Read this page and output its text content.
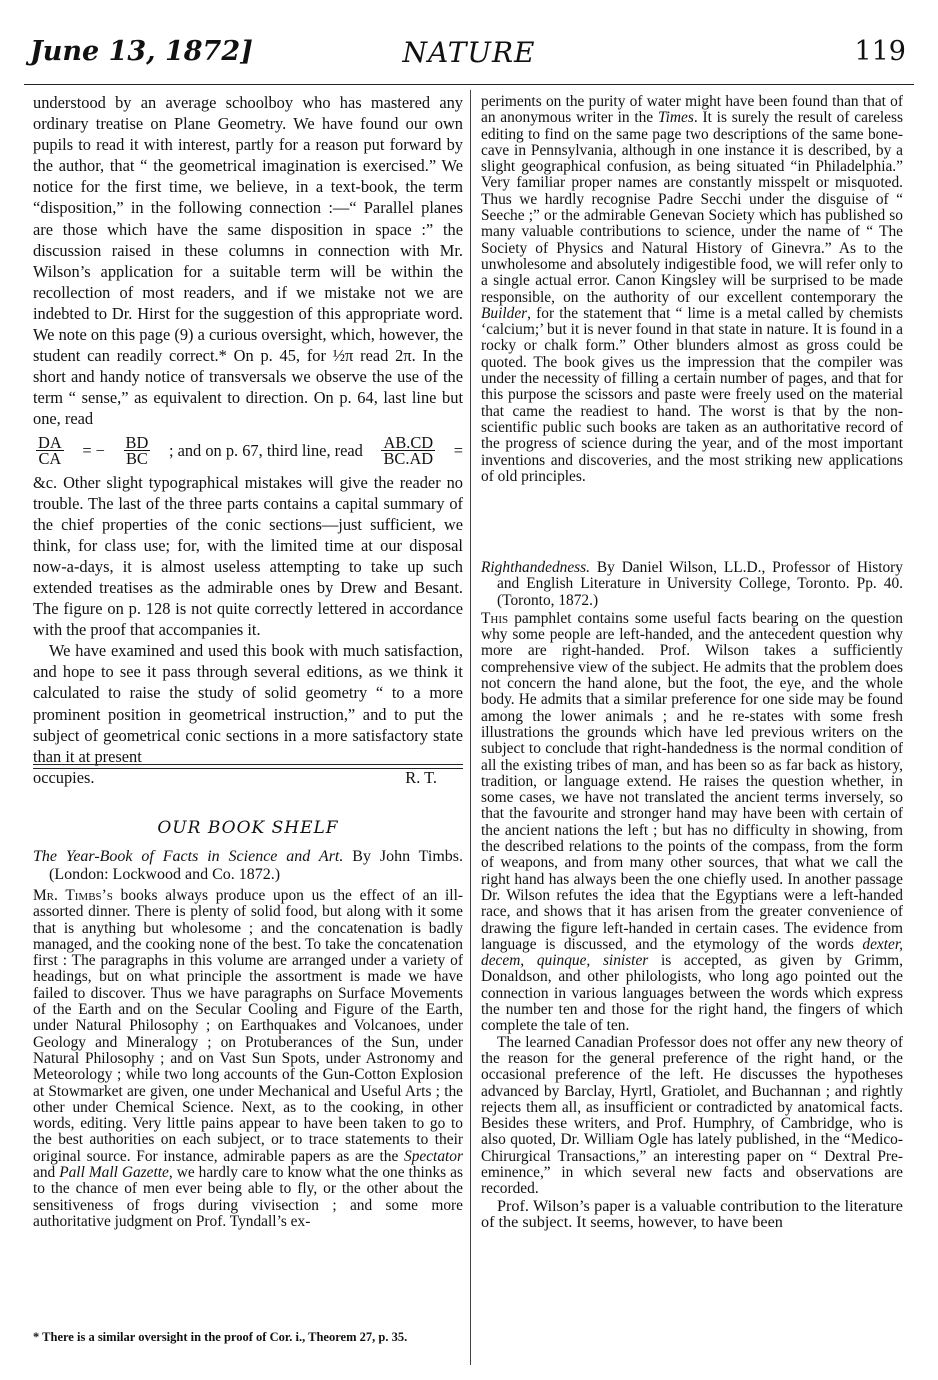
June 13, 1872]	NATURE	119

understood by an average schoolboy who has mastered any ordinary treatise on Plane Geometry. We have found our own pupils to read it with interest, partly for a reason put forward by the author, that “ the geometrical imagination is exercised.” We notice for the first time, we believe, in a text-book, the term “disposition,” in the following connection :—“ Parallel planes are those which have the same disposition in space :” the discussion raised in these columns in connection with Mr. Wilson’s application for a suitable term will be within the recollection of most readers, and if we mistake not we are indebted to Dr. Hirst for the suggestion of this appropriate word. We note on this page (9) a curious oversight, which, however, the student can readily correct.* On p. 45, for ½π read 2π. In the short and handy notice of transversals we observe the use of the term “ sense,” as equivalent to direction. On p. 64, last line but one, read

$\frac{DA}{CA}$ = − $\frac{BD}{BC}$ ; and on p. 67, third line, read $\frac{AB.CD}{BC.AD}$ =

&c. Other slight typographical mistakes will give the reader no trouble. The last of the three parts contains a capital summary of the chief properties of the conic sections—just sufficient, we think, for class use; for, with the limited time at our disposal now-a-days, it is almost useless attempting to take up such extended treatises as the admirable ones by Drew and Besant. The figure on p. 128 is not quite correctly lettered in accordance with the proof that accompanies it.

We have examined and used this book with much satisfaction, and hope to see it pass through several editions, as we think it calculated to raise the study of solid geometry “ to a more prominent position in geometrical instruction,” and to put the subject of geometrical conic sections in a more satisfactory state than it at present

occupies.	R. T.
OUR BOOK SHELF

The Year-Book of Facts in Science and Art. By John Timbs. (London: Lockwood and Co. 1872.)

Mr. Timbs’s books always produce upon us the effect of an ill-assorted dinner. There is plenty of solid food, but along with it some that is anything but wholesome ; and the concatenation is badly managed, and the cooking none of the best. To take the concatenation first : The paragraphs in this volume are arranged under a variety of headings, but on what principle the assortment is made we have failed to discover. Thus we have paragraphs on Surface Movements of the Earth and on the Secular Cooling and Figure of the Earth, under Natural Philosophy ; on Earthquakes and Volcanoes, under Geology and Mineralogy ; on Protuberances of the Sun, under Natural Philosophy ; and on Vast Sun Spots, under Astronomy and Meteorology ; while two long accounts of the Gun-Cotton Explosion at Stowmarket are given, one under Mechanical and Useful Arts ; the other under Chemical Science. Next, as to the cooking, in other words, editing. Very little pains appear to have been taken to go to the best authorities on each subject, or to trace statements to their original source. For instance, admirable papers as are the Spectator and Pall Mall Gazette, we hardly care to know what the one thinks as to the chance of men ever being able to fly, or the other about the sensitiveness of frogs during vivisection ; and some more authoritative judgment on Prof. Tyndall’s ex-

* There is a similar oversight in the proof of Cor. i., Theorem 27, p. 35.

periments on the purity of water might have been found than that of an anonymous writer in the Times. It is surely the result of careless editing to find on the same page two descriptions of the same bone-cave in Pennsylvania, although in one instance it is described, by a slight geographical confusion, as being situated “in Philadelphia.” Very familiar proper names are constantly misspelt or misquoted. Thus we hardly recognise Padre Secchi under the disguise of “ Seeche ;” or the admirable Genevan Society which has published so many valuable contributions to science, under the name of “ The Society of Physics and Natural History of Ginevra.” As to the unwholesome and absolutely indigestible food, we will refer only to a single actual error. Canon Kingsley will be surprised to be made responsible, on the authority of our excellent contemporary the Builder, for the statement that “ lime is a metal called by chemists ‘calcium;’ but it is never found in that state in nature. It is found in a rocky or chalk form.” Other blunders almost as gross could be quoted. The book gives us the impression that the compiler was under the necessity of filling a certain number of pages, and that for this purpose the scissors and paste were freely used on the material that came the readiest to hand. The worst is that by the non-scientific public such books are taken as an authoritative record of the progress of science during the year, and of the most important inventions and discoveries, and the most striking new applications of old principles.

Righthandedness. By Daniel Wilson, LL.D., Professor of History and English Literature in University College, Toronto. Pp. 40. (Toronto, 1872.)

This pamphlet contains some useful facts bearing on the question why some people are left-handed, and the antecedent question why more are right-handed. Prof. Wilson takes a sufficiently comprehensive view of the subject. He admits that the problem does not concern the hand alone, but the foot, the eye, and the whole body. He admits that a similar preference for one side may be found among the lower animals ; and he re-states with some fresh illustrations the grounds which have led previous writers on the subject to conclude that right-handedness is the normal condition of all the existing tribes of man, and has been so as far back as history, tradition, or language extend. He raises the question whether, in some cases, we have not translated the ancient terms inversely, so that the favourite and stronger hand may have been with certain of the ancient nations the left ; but has no difficulty in showing, from the described relations to the points of the compass, from the form of weapons, and from many other sources, that what we call the right hand has always been the one chiefly used. In another passage Dr. Wilson refutes the idea that the Egyptians were a left-handed race, and shows that it has arisen from the greater convenience of drawing the figure left-handed in certain cases. The evidence from language is discussed, and the etymology of the words dexter, decem, quinque, sinister is accepted, as given by Grimm, Donaldson, and other philologists, who long ago pointed out the connection in various languages between the words which express the number ten and those for the right hand, the fingers of which complete the tale of ten.

The learned Canadian Professor does not offer any new theory of the reason for the general preference of the right hand, or the occasional preference of the left. He discusses the hypotheses advanced by Barclay, Hyrtl, Gratiolet, and Buchannan ; and rightly rejects them all, as insufficient or contradicted by anatomical facts. Besides these writers, and Prof. Humphry, of Cambridge, who is also quoted, Dr. William Ogle has lately published, in the “Medico-Chirurgical Transactions,” an interesting paper on “ Dextral Pre-eminence,” in which several new facts and observations are recorded.

Prof. Wilson’s paper is a valuable contribution to the literature of the subject. It seems, however, to have been
